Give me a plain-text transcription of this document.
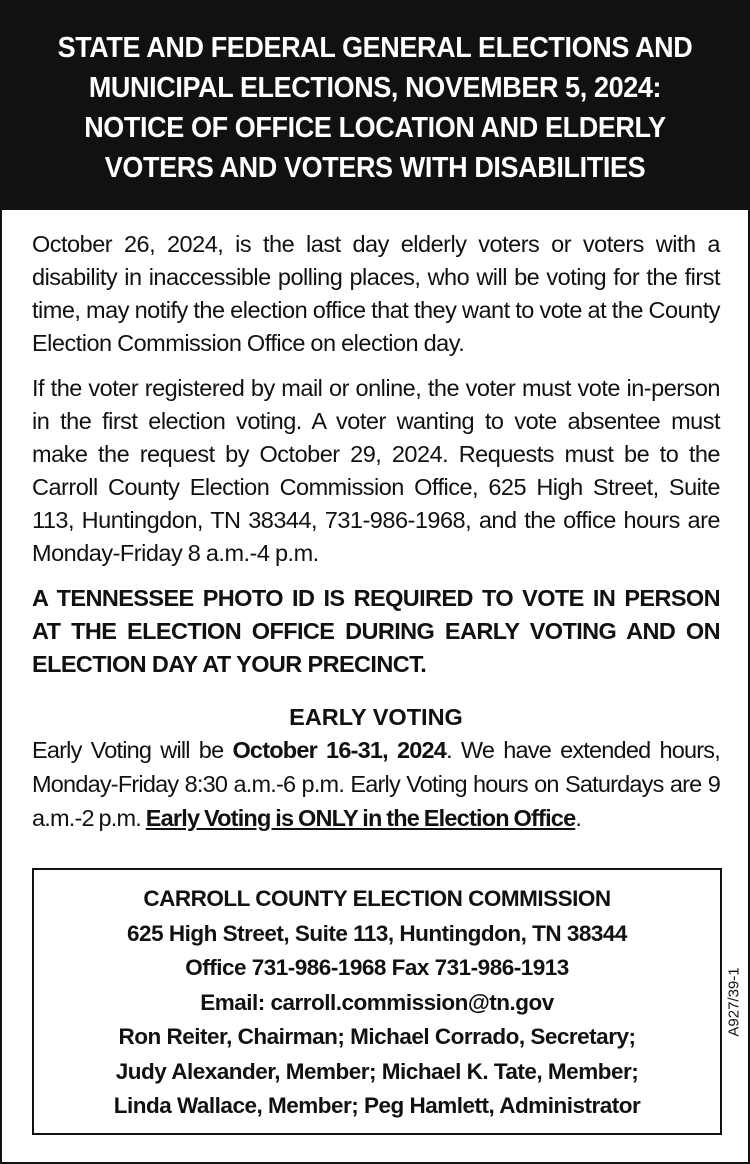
STATE AND FEDERAL GENERAL ELECTIONS AND
MUNICIPAL ELECTIONS, NOVEMBER 5, 2024:
NOTICE OF OFFICE LOCATION AND ELDERLY
VOTERS AND VOTERS WITH DISABILITIES

October 26, 2024, is the last day elderly voters or voters with a disability in inaccessible polling places, who will be voting for the first time, may notify the election office that they want to vote at the County Election Commission Office on election day.

If the voter registered by mail or online, the voter must vote in-person in the first election voting. A voter wanting to vote absentee must make the request by October 29, 2024. Requests must be to the Carroll County Election Commission Office, 625 High Street, Suite 113, Huntingdon, TN 38344, 731-986-1968, and the office hours are Monday-Friday 8 a.m.-4 p.m.

A TENNESSEE PHOTO ID IS REQUIRED TO VOTE IN PERSON AT THE ELECTION OFFICE DURING EARLY VOTING AND ON ELECTION DAY AT YOUR PRECINCT.

EARLY VOTING

Early Voting will be October 16-31, 2024. We have extended hours, Monday-Friday 8:30 a.m.-6 p.m. Early Voting hours on Saturdays are 9 a.m.-2 p.m. Early Voting is ONLY in the Election Office.

CARROLL COUNTY ELECTION COMMISSION
625 High Street, Suite 113, Huntingdon, TN 38344
Office 731-986-1968 Fax 731-986-1913
Email: carroll.commission@tn.gov
Ron Reiter, Chairman; Michael Corrado, Secretary;
Judy Alexander, Member; Michael K. Tate, Member;
Linda Wallace, Member; Peg Hamlett, Administrator
A927/39-1
